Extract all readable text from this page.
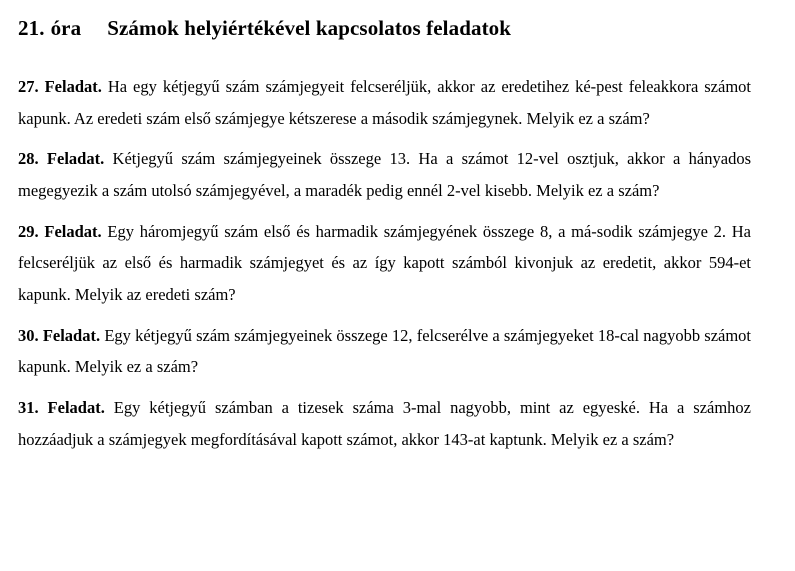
21. óra Számok helyiértékével kapcsolatos feladatok

27. Feladat. Ha egy kétjegyű szám számjegyeit felcseréljük, akkor az eredetihez ké-pest feleakkora számot kapunk. Az eredeti szám első számjegye kétszerese a második számjegynek. Melyik ez a szám?

28. Feladat. Kétjegyű szám számjegyeinek összege 13. Ha a számot 12-vel osztjuk, akkor a hányados megegyezik a szám utolsó számjegyével, a maradék pedig ennél 2-vel kisebb. Melyik ez a szám?

29. Feladat. Egy háromjegyű szám első és harmadik számjegyének összege 8, a má-sodik számjegye 2. Ha felcseréljük az első és harmadik számjegyet és az így kapott számból kivonjuk az eredetit, akkor 594-et kapunk. Melyik az eredeti szám?

30. Feladat. Egy kétjegyű szám számjegyeinek összege 12, felcserélve a számjegyeket 18-cal nagyobb számot kapunk. Melyik ez a szám?

31. Feladat. Egy kétjegyű számban a tizesek száma 3-mal nagyobb, mint az egyeské. Ha a számhoz hozzáadjuk a számjegyek megfordításával kapott számot, akkor 143-at kaptunk. Melyik ez a szám?
